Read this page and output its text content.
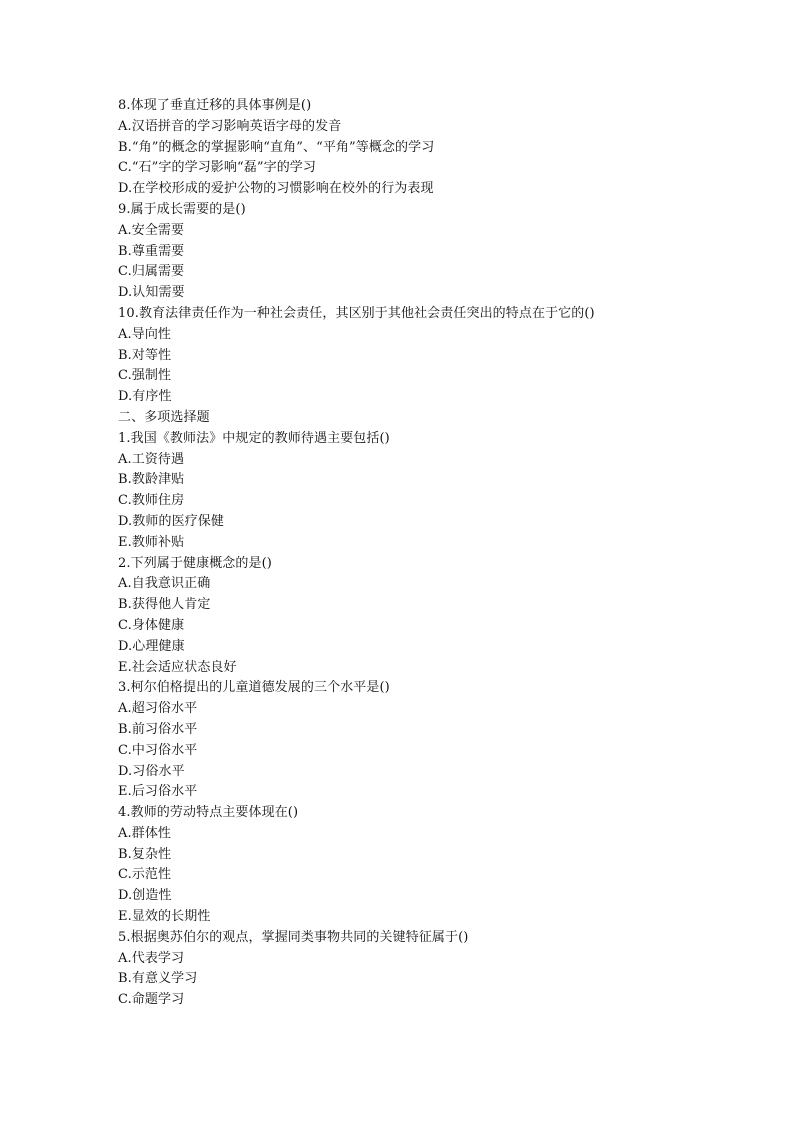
8.体现了垂直迁移的具体事例是()
A.汉语拼音的学习影响英语字母的发音
B.“角”的概念的掌握影响“直角”、“平角”等概念的学习
C.“石”字的学习影响“磊”字的学习
D.在学校形成的爱护公物的习惯影响在校外的行为表现
9.属于成长需要的是()
A.安全需要
B.尊重需要
C.归属需要
D.认知需要
10.教育法律责任作为一种社会责任，其区别于其他社会责任突出的特点在于它的()
A.导向性
B.对等性
C.强制性
D.有序性
二、多项选择题
1.我国《教师法》中规定的教师待遇主要包括()
A.工资待遇
B.教龄津贴
C.教师住房
D.教师的医疗保健
E.教师补贴
2.下列属于健康概念的是()
A.自我意识正确
B.获得他人肯定
C.身体健康
D.心理健康
E.社会适应状态良好
3.柯尔伯格提出的儿童道德发展的三个水平是()
A.超习俗水平
B.前习俗水平
C.中习俗水平
D.习俗水平
E.后习俗水平
4.教师的劳动特点主要体现在()
A.群体性
B.复杂性
C.示范性
D.创造性
E.显效的长期性
5.根据奥苏伯尔的观点，掌握同类事物共同的关键特征属于()
A.代表学习
B.有意义学习
C.命题学习
